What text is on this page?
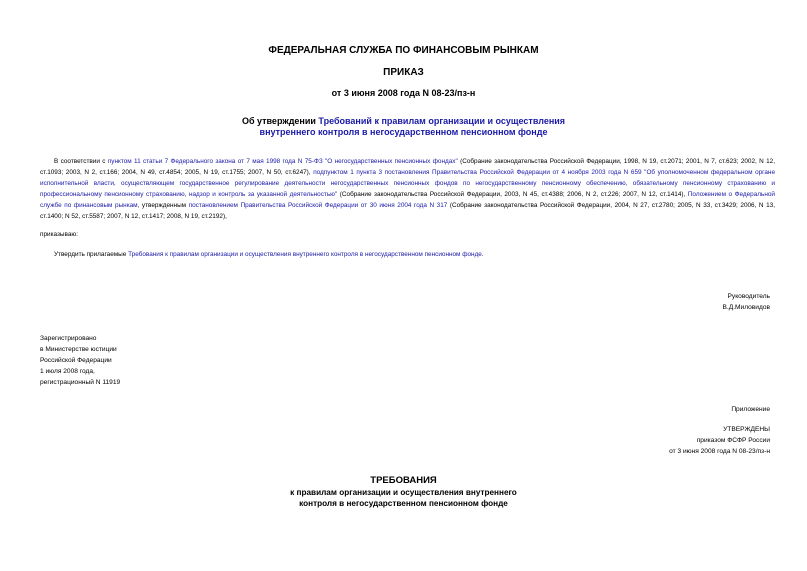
ФЕДЕРАЛЬНАЯ СЛУЖБА ПО ФИНАНСОВЫМ РЫНКАМ
ПРИКАЗ
от 3 июня 2008 года N 08-23/пз-н
Об утверждении Требований к правилам организации и осуществления
внутреннего контроля в негосударственном пенсионном фонде
В соответствии с пунктом 11 статьи 7 Федерального закона от 7 мая 1998 года N 75-ФЗ "О негосударственных пенсионных фондах" (Собрание законодательства Российской Федерации, 1998, N 19, ст.2071; 2001, N 7, ст.623; 2002, N 12, ст.1093; 2003, N 2, ст.166; 2004, N 49, ст.4854; 2005, N 19, ст.1755; 2007, N 50, ст.6247), подпунктом 1 пункта 3 постановления Правительства Российской Федерации от 4 ноября 2003 года N 659 "Об уполномоченном федеральном органе исполнительной власти, осуществляющем государственное регулирование деятельности негосударственных пенсионных фондов по негосударственному пенсионному обеспечению, обязательному пенсионному страхованию и профессиональному пенсионному страхованию, надзор и контроль за указанной деятельностью" (Собрание законодательства Российской Федерации, 2003, N 45, ст.4388; 2006, N 2, ст.226; 2007, N 12, ст.1414), Положением о Федеральной службе по финансовым рынкам, утвержденным постановлением Правительства Российской Федерации от 30 июня 2004 года N 317 (Собрание законодательства Российской Федерации, 2004, N 27, ст.2780; 2005, N 33, ст.3429; 2006, N 13, ст.1400; N 52, ст.5587; 2007, N 12, ст.1417; 2008, N 19, ст.2192),
приказываю:
Утвердить прилагаемые Требования к правилам организации и осуществления внутреннего контроля в негосударственном пенсионном фонде.
Руководитель
В.Д.Миловидов
Зарегистрировано
в Министерстве юстиции
Российской Федерации
1 июля 2008 года,
регистрационный N 11919
Приложение
УТВЕРЖДЕНЫ
приказом ФСФР России
от 3 июня 2008 года N 08-23/пз-н
ТРЕБОВАНИЯ
к правилам организации и осуществления внутреннего
контроля в негосударственном пенсионном фонде
